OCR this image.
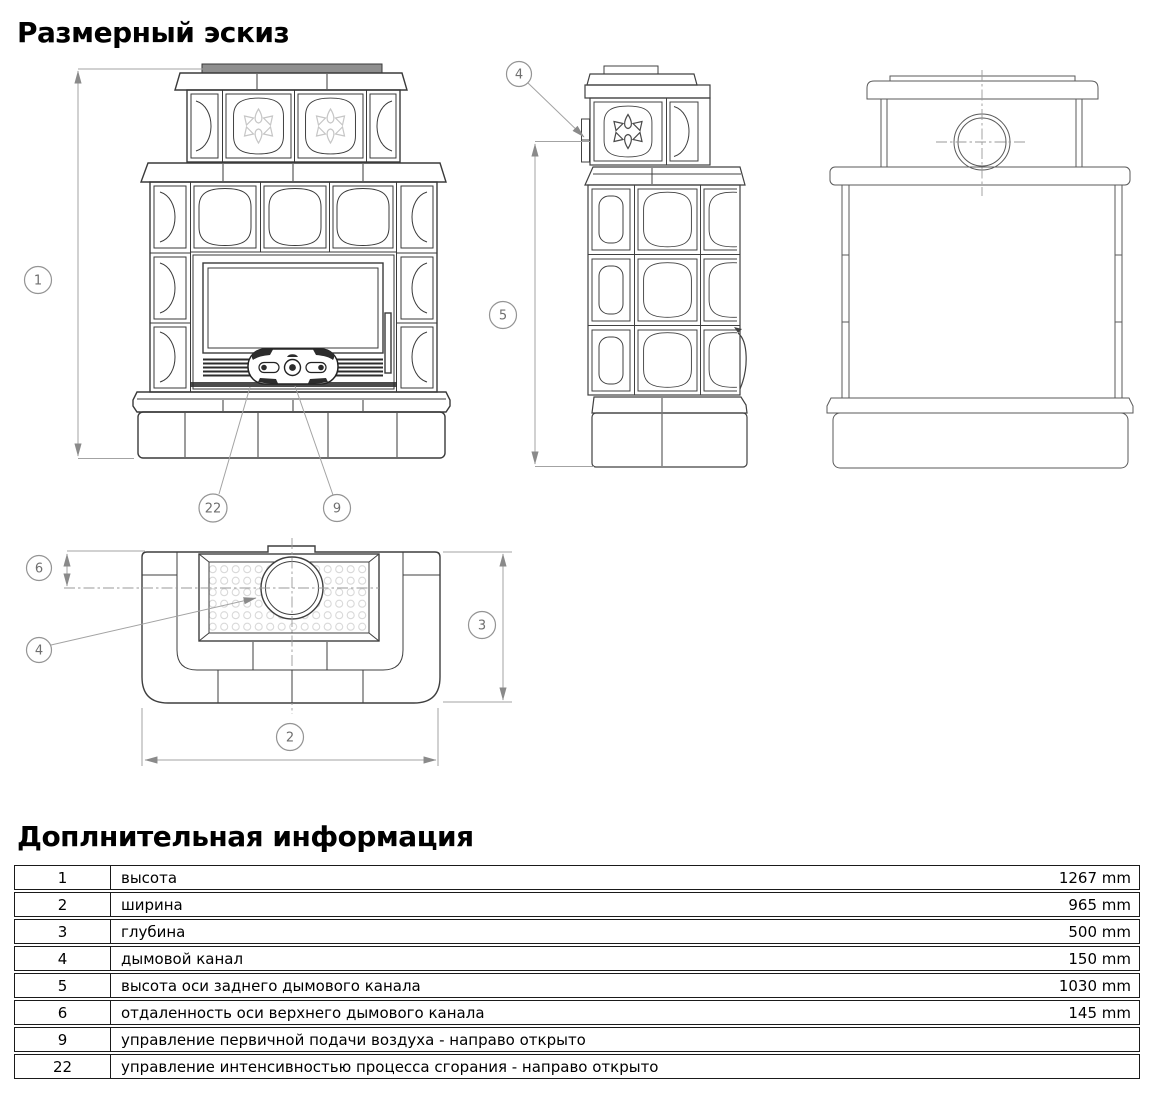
Размерный эскиз
1
22	9
4
5
6
4
3
2
Доплнительная информация
1	высота	1267 mm
2	ширина	965 mm
3	глубина	500 mm
4	дымовой канал	150 mm
5	высота оси заднего дымового канала	1030 mm
6	отдаленность оси верхнего дымового канала	145 mm
9	управление первичной подачи воздуха - направо открыто	
22	управление интенсивностью процесса сгорания - направо открыто	
